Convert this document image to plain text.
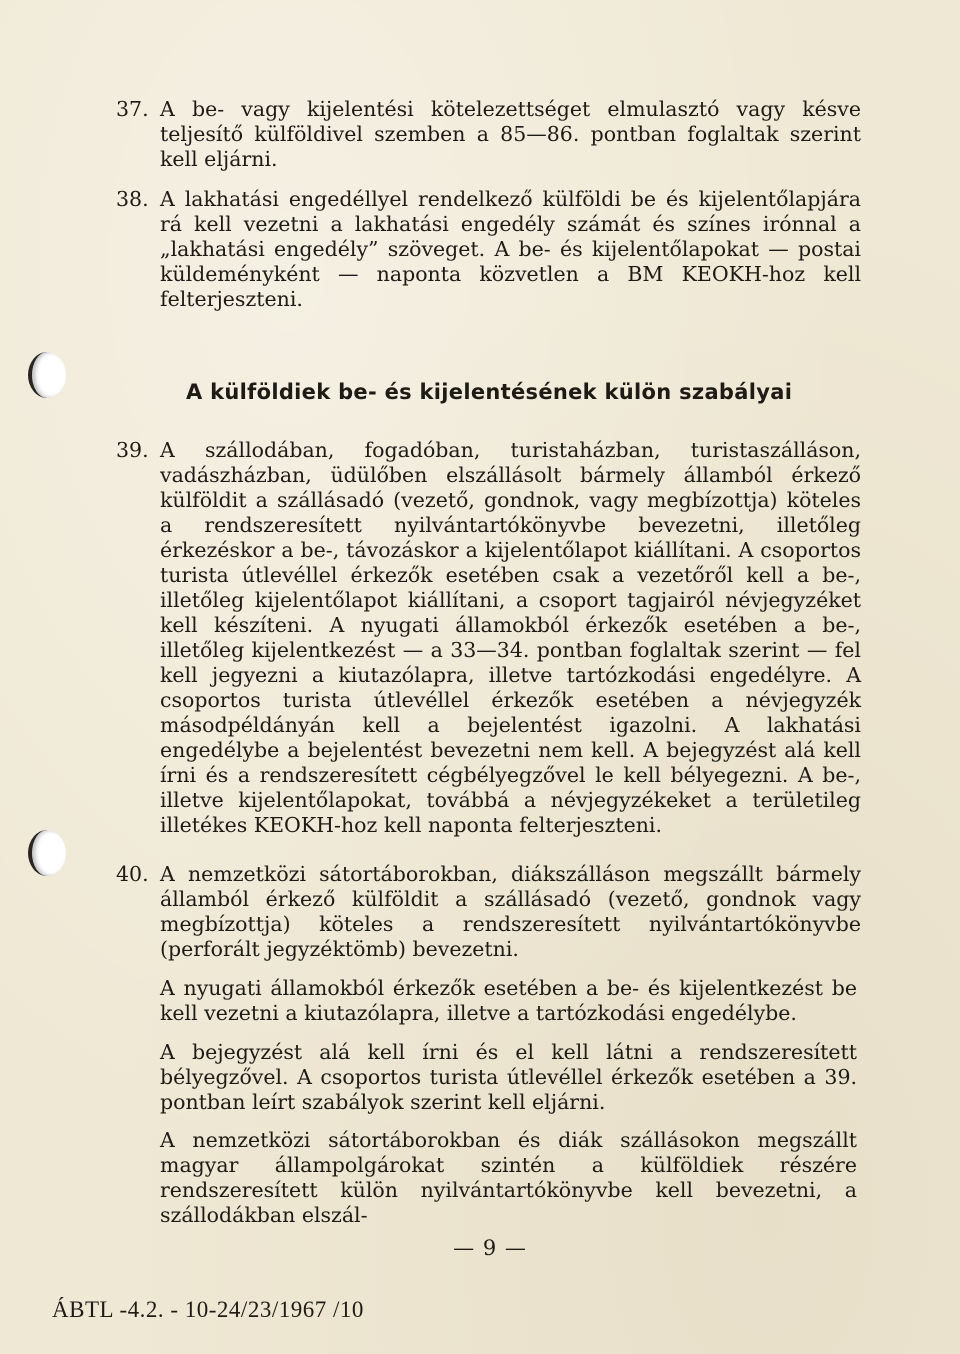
37. A be- vagy kijelentési kötelezettséget elmulasztó vagy késve teljesítő külföldivel szemben a 85—86. pontban foglaltak szerint kell eljárni.
38. A lakhatási engedéllyel rendelkező külföldi be és kijelentőlapjára rá kell vezetni a lakhatási engedély számát és színes irónnal a „lakhatási engedély” szöveget. A be- és kijelentőlapokat — postai küldeményként — naponta közvetlen a BM KEOKH-hoz kell felterjeszteni.
A külföldiek be- és kijelentésének külön szabályai
39. A szállodában, fogadóban, turistaházban, turistaszálláson, vadászházban, üdülőben elszállásolt bármely államból érkező külföldit a szállásadó (vezető, gondnok, vagy megbízottja) köteles a rendszeresített nyilvántartókönyvbe bevezetni, illetőleg érkezéskor a be-, távozáskor a kijelentőlapot kiállítani. A csoportos turista útlevéllel érkezők esetében csak a vezetőről kell a be-, illetőleg kijelentőlapot kiállítani, a csoport tagjairól névjegyzéket kell készíteni. A nyugati államokból érkezők esetében a be-, illetőleg kijelentkezést — a 33—34. pontban foglaltak szerint — fel kell jegyezni a kiutazólapra, illetve tartózkodási engedélyre. A csoportos turista útlevéllel érkezők esetében a névjegyzék másodpéldányán kell a bejelentést igazolni. A lakhatási engedélybe a bejelentést bevezetni nem kell. A bejegyzést alá kell írni és a rendszeresített cégbélyegzővel le kell bélyegezni. A be-, illetve kijelentőlapokat, továbbá a névjegyzékeket a területileg illetékes KEOKH-hoz kell naponta felterjeszteni.
40. A nemzetközi sátortáborokban, diákszálláson megszállt bármely államból érkező külföldit a szállásadó (vezető, gondnok vagy megbízottja) köteles a rendszeresített nyilvántartókönyvbe (perforált jegyzéktömb) bevezetni.
A nyugati államokból érkezők esetében a be- és kijelentkezést be kell vezetni a kiutazólapra, illetve a tartózkodási engedélybe.
A bejegyzést alá kell írni és el kell látni a rendszeresített bélyegzővel. A csoportos turista útlevéllel érkezők esetében a 39. pontban leírt szabályok szerint kell eljárni.
A nemzetközi sátortáborokban és diák szállásokon megszállt magyar állampolgárokat szintén a külföldiek részére rendszeresített külön nyilvántartókönyvbe kell bevezetni, a szállodákban elszál-
— 9 —
ÁBTL -4.2. - 10-24/23/1967 /10
